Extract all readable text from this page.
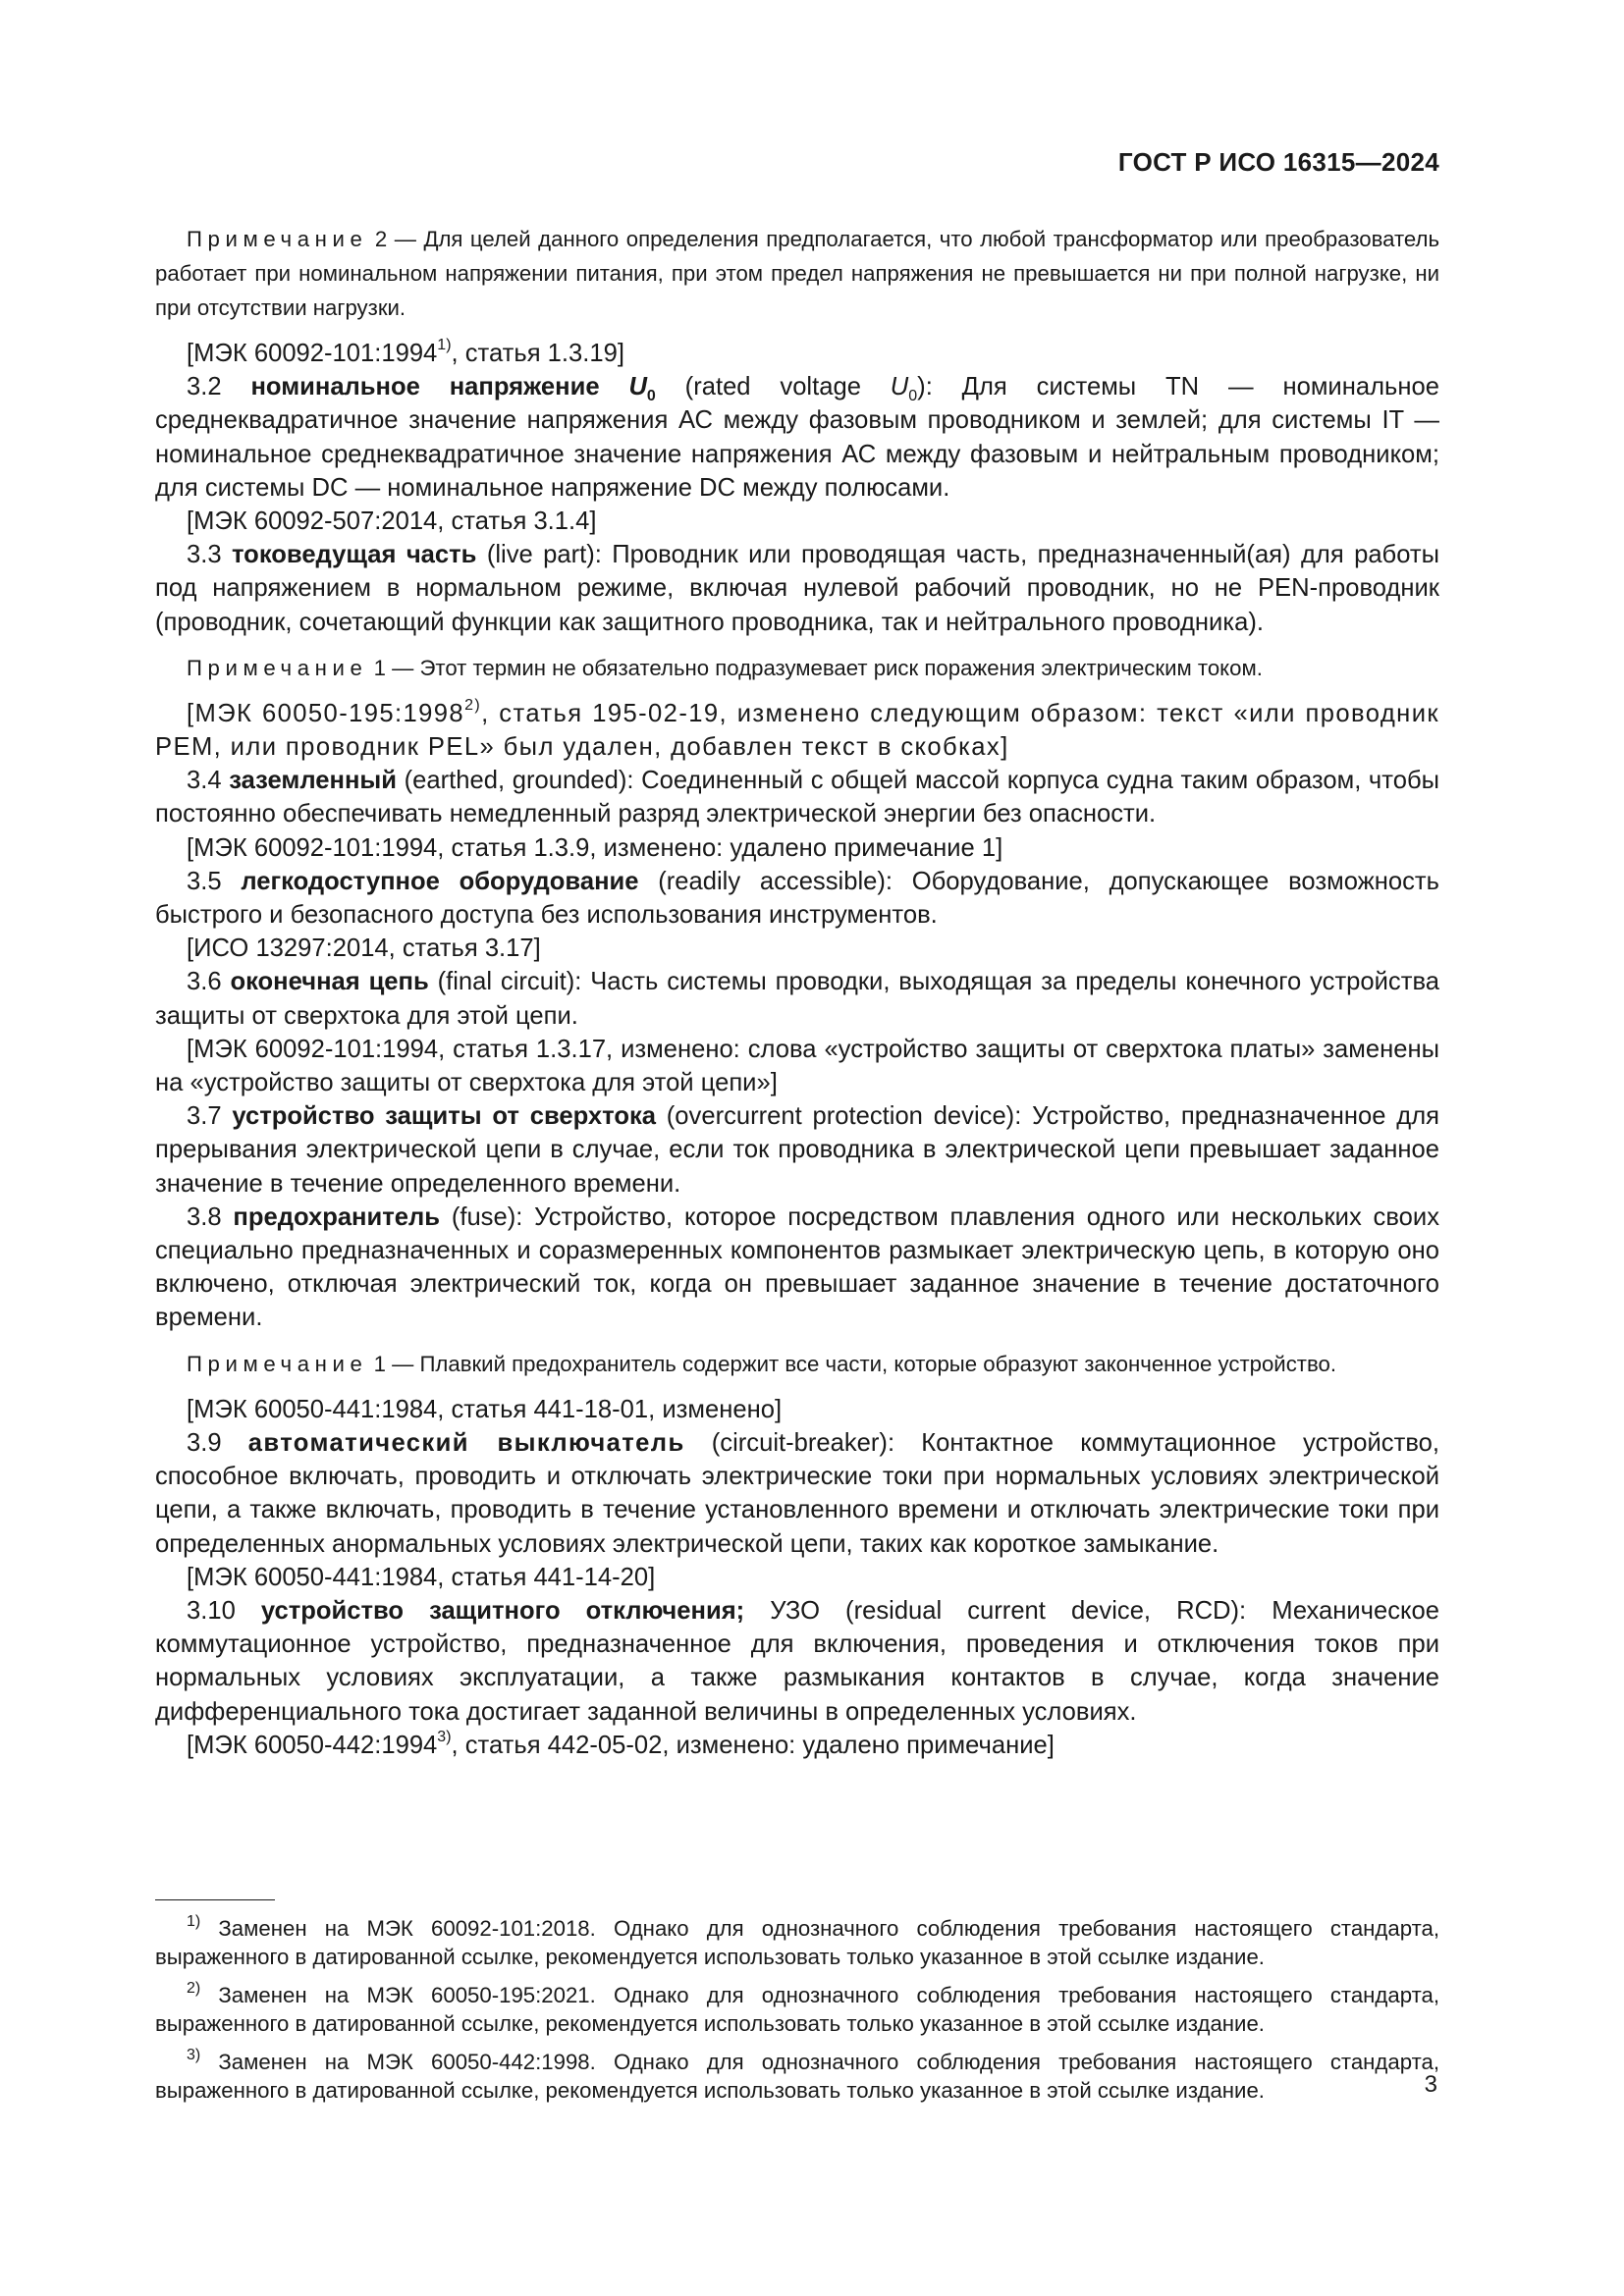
ГОСТ Р ИСО 16315—2024

Примечание 2 — Для целей данного определения предполагается, что любой трансформатор или преобразователь работает при номинальном напряжении питания, при этом предел напряжения не превышается ни при полной нагрузке, ни при отсутствии нагрузки.

[МЭК 60092-101:1994$^{1)}$, статья 1.3.19]

3.2 номинальное напряжение $U_0$ (rated voltage $U_0$): Для системы TN — номинальное среднеквадратичное значение напряжения АС между фазовым проводником и землей; для системы IT — номинальное среднеквадратичное значение напряжения АС между фазовым и нейтральным проводником; для системы DC — номинальное напряжение DC между полюсами.

[МЭК 60092-507:2014, статья 3.1.4]

3.3 токоведущая часть (live part): Проводник или проводящая часть, предназначенный(ая) для работы под напряжением в нормальном режиме, включая нулевой рабочий проводник, но не PEN-проводник (проводник, сочетающий функции как защитного проводника, так и нейтрального проводника).

Примечание 1 — Этот термин не обязательно подразумевает риск поражения электрическим током.

[МЭК 60050-195:1998$^{2)}$, статья 195-02-19, изменено следующим образом: текст «или проводник PEM, или проводник PEL» был удален, добавлен текст в скобках]

3.4 заземленный (earthed, grounded): Соединенный с общей массой корпуса судна таким образом, чтобы постоянно обеспечивать немедленный разряд электрической энергии без опасности.

[МЭК 60092-101:1994, статья 1.3.9, изменено: удалено примечание 1]

3.5 легкодоступное оборудование (readily accessible): Оборудование, допускающее возможность быстрого и безопасного доступа без использования инструментов.

[ИСО 13297:2014, статья 3.17]

3.6 оконечная цепь (final circuit): Часть системы проводки, выходящая за пределы конечного устройства защиты от сверхтока для этой цепи.

[МЭК 60092-101:1994, статья 1.3.17, изменено: слова «устройство защиты от сверхтока платы» заменены на «устройство защиты от сверхтока для этой цепи»]

3.7 устройство защиты от сверхтока (overcurrent protection device): Устройство, предназначенное для прерывания электрической цепи в случае, если ток проводника в электрической цепи превышает заданное значение в течение определенного времени.

3.8 предохранитель (fuse): Устройство, которое посредством плавления одного или нескольких своих специально предназначенных и соразмеренных компонентов размыкает электрическую цепь, в которую оно включено, отключая электрический ток, когда он превышает заданное значение в течение достаточного времени.

Примечание 1 — Плавкий предохранитель содержит все части, которые образуют законченное устройство.

[МЭК 60050-441:1984, статья 441-18-01, изменено]

3.9 автоматический выключатель (circuit-breaker): Контактное коммутационное устройство, способное включать, проводить и отключать электрические токи при нормальных условиях электрической цепи, а также включать, проводить в течение установленного времени и отключать электрические токи при определенных анормальных условиях электрической цепи, таких как короткое замыкание.

[МЭК 60050-441:1984, статья 441-14-20]

3.10 устройство защитного отключения; УЗО (residual current device, RCD): Механическое коммутационное устройство, предназначенное для включения, проведения и отключения токов при нормальных условиях эксплуатации, а также размыкания контактов в случае, когда значение дифференциального тока достигает заданной величины в определенных условиях.

[МЭК 60050-442:1994$^{3)}$, статья 442-05-02, изменено: удалено примечание]

$^{1)}$ Заменен на МЭК 60092-101:2018. Однако для однозначного соблюдения требования настоящего стандарта, выраженного в датированной ссылке, рекомендуется использовать только указанное в этой ссылке издание.

$^{2)}$ Заменен на МЭК 60050-195:2021. Однако для однозначного соблюдения требования настоящего стандарта, выраженного в датированной ссылке, рекомендуется использовать только указанное в этой ссылке издание.

$^{3)}$ Заменен на МЭК 60050-442:1998. Однако для однозначного соблюдения требования настоящего стандарта, выраженного в датированной ссылке, рекомендуется использовать только указанное в этой ссылке издание.	3
